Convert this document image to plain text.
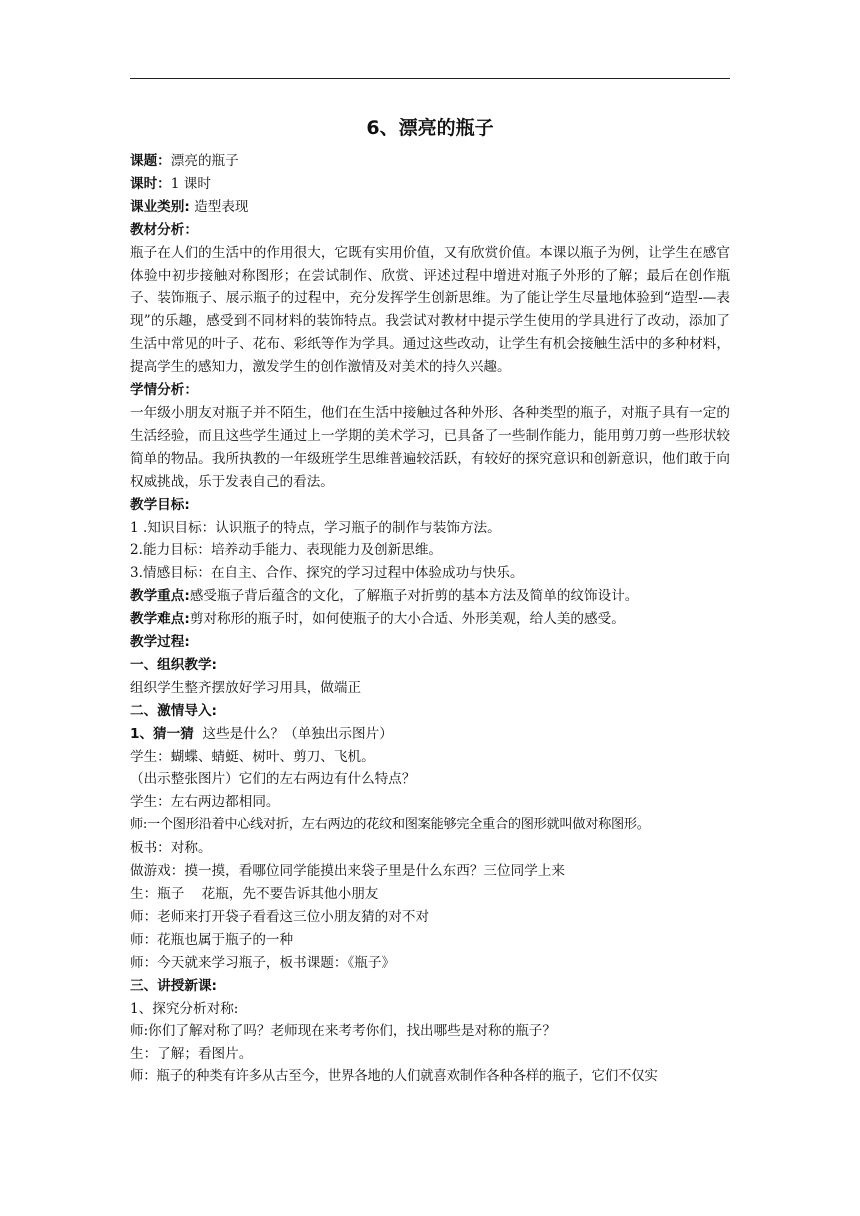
6、漂亮的瓶子
课题：漂亮的瓶子
课时：1 课时
课业类别: 造型表现
教材分析：
瓶子在人们的生活中的作用很大，它既有实用价值，又有欣赏价值。本课以瓶子为例，让学生在感官体验中初步接触对称图形；在尝试制作、欣赏、评述过程中增进对瓶子外形的了解；最后在创作瓶子、装饰瓶子、展示瓶子的过程中，充分发挥学生创新思维。为了能让学生尽量地体验到“造型-—表现”的乐趣，感受到不同材料的装饰特点。我尝试对教材中提示学生使用的学具进行了改动，添加了生活中常见的叶子、花布、彩纸等作为学具。通过这些改动，让学生有机会接触生活中的多种材料，提高学生的感知力，激发学生的创作激情及对美术的持久兴趣。
学情分析：
一年级小朋友对瓶子并不陌生，他们在生活中接触过各种外形、各种类型的瓶子，对瓶子具有一定的生活经验，而且这些学生通过上一学期的美术学习，已具备了一些制作能力，能用剪刀剪一些形状较简单的物品。我所执教的一年级班学生思维普遍较活跃，有较好的探究意识和创新意识，他们敢于向权威挑战，乐于发表自己的看法。
教学目标:
1 .知识目标：认识瓶子的特点，学习瓶子的制作与装饰方法。
2.能力目标：培养动手能力、表现能力及创新思维。
3.情感目标：在自主、合作、探究的学习过程中体验成功与快乐。
教学重点:感受瓶子背后蕴含的文化，了解瓶子对折剪的基本方法及简单的纹饰设计。
教学难点:剪对称形的瓶子时，如何使瓶子的大小合适、外形美观，给人美的感受。
教学过程:
一、组织教学:
组织学生整齐摆放好学习用具，做端正
二、激情导入:
1、猜一猜  这些是什么？（单独出示图片）
学生：蝴蝶、蜻蜓、树叶、剪刀、飞机。
（出示整张图片）它们的左右两边有什么特点？
学生：左右两边都相同。
师:一个图形沿着中心线对折，左右两边的花纹和图案能够完全重合的图形就叫做对称图形。
板书：对称。
做游戏：摸一摸，看哪位同学能摸出来袋子里是什么东西？三位同学上来
生：瓶子    花瓶，先不要告诉其他小朋友
师：老师来打开袋子看看这三位小朋友猜的对不对
师：花瓶也属于瓶子的一种
师：今天就来学习瓶子，板书课题：《瓶子》
三、讲授新课:
1、探究分析对称:
师:你们了解对称了吗？老师现在来考考你们，找出哪些是对称的瓶子？
生：了解；看图片。
师：瓶子的种类有许多从古至今，世界各地的人们就喜欢制作各种各样的瓶子，它们不仅实
